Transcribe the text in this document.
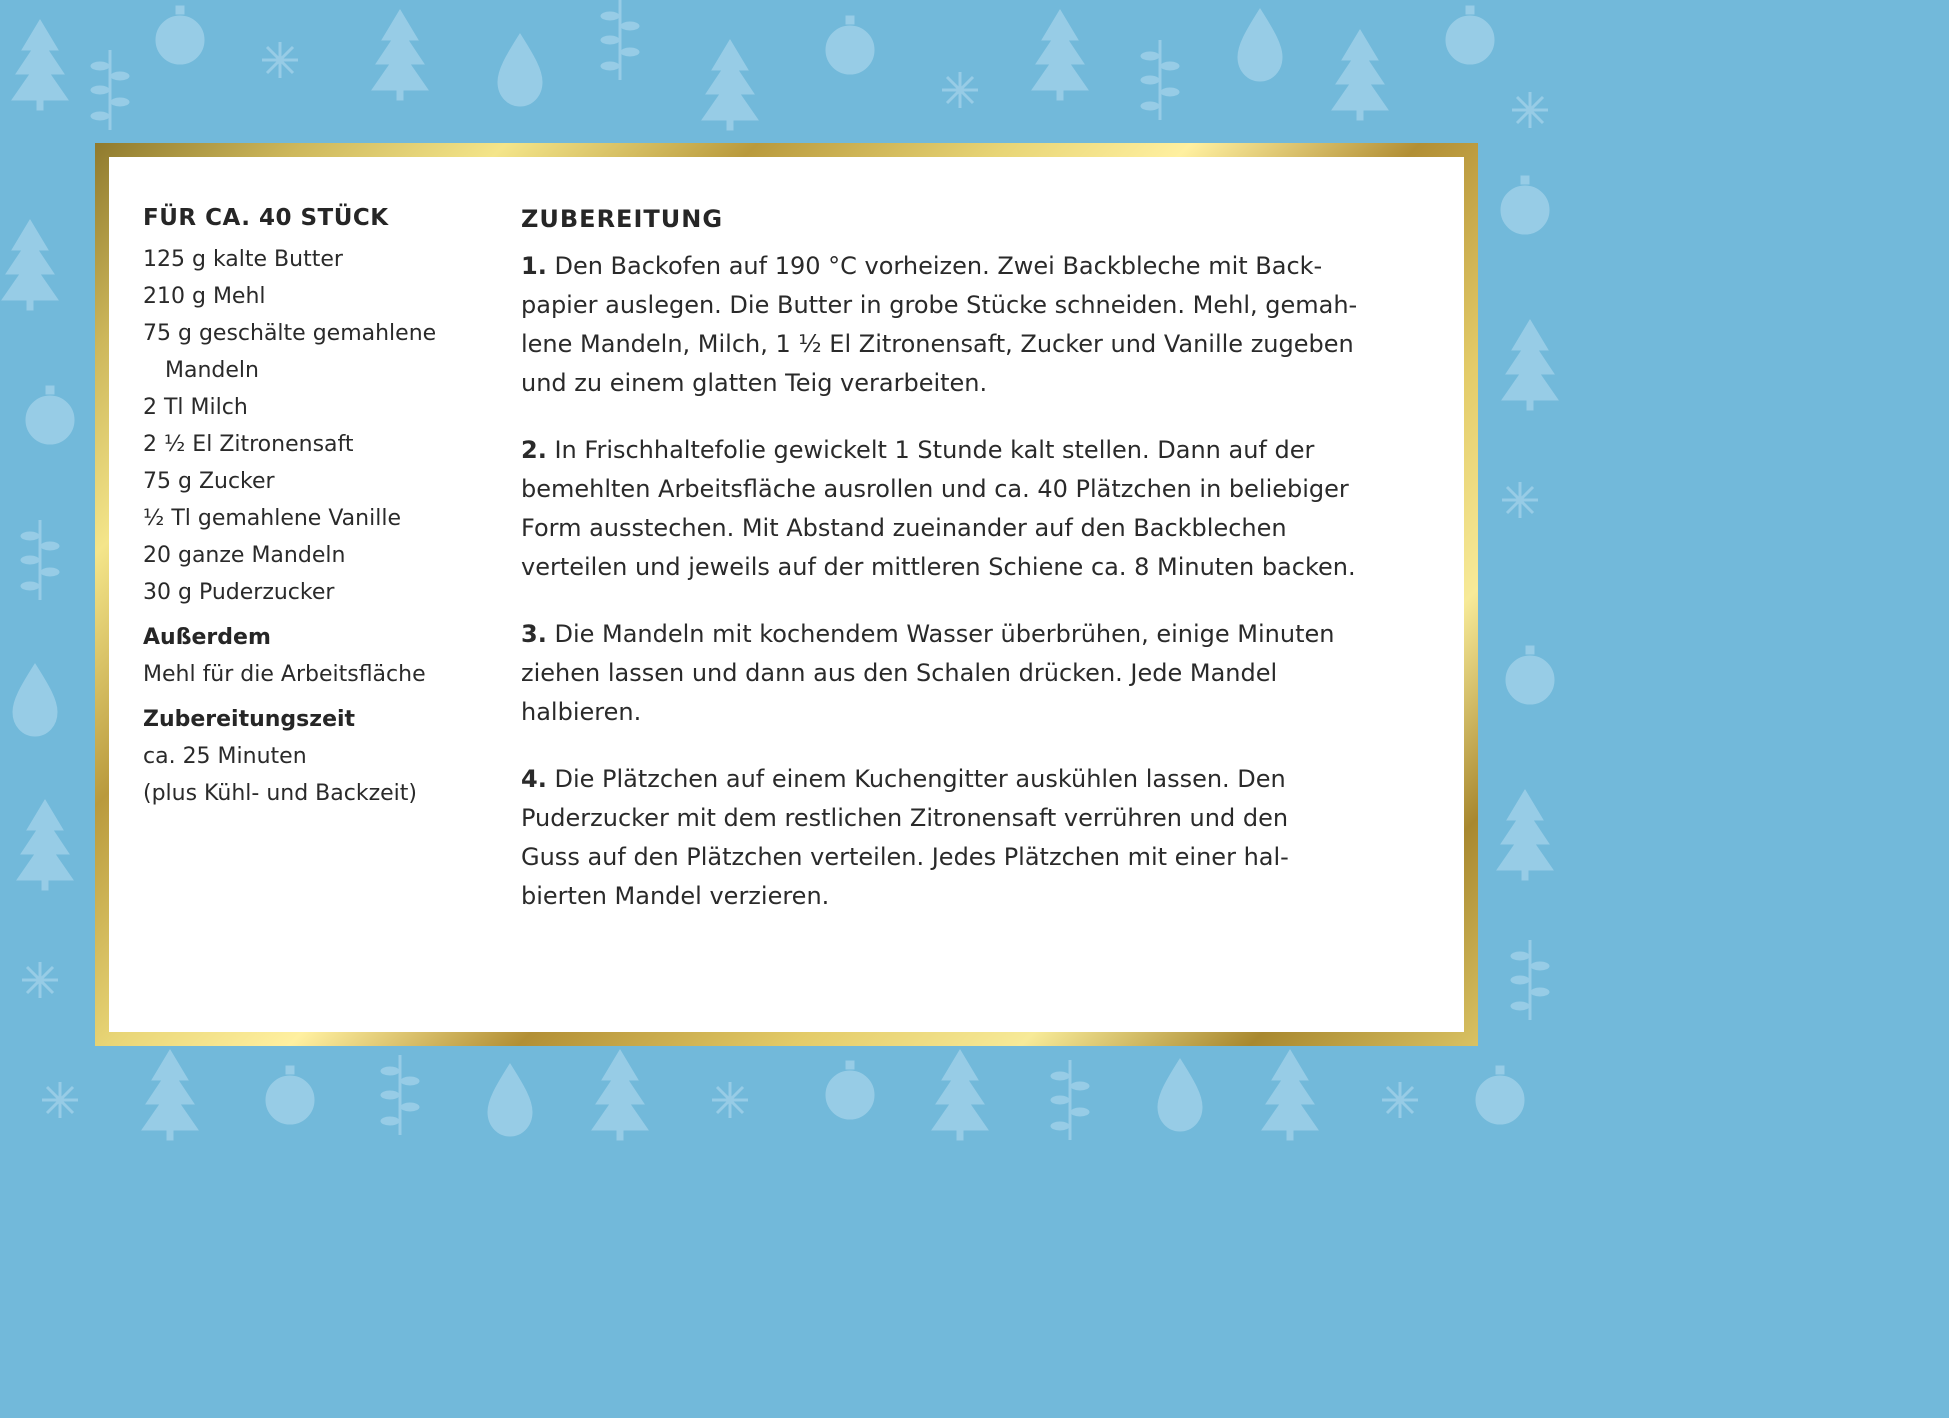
FÜR CA. 40 STÜCK
125 g kalte Butter
210 g Mehl
75 g geschälte gemahlene
Mandeln
2 Tl Milch
2 ½ El Zitronensaft
75 g Zucker
½ Tl gemahlene Vanille
20 ganze Mandeln
30 g Puderzucker
Außerdem

Mehl für die Arbeitsfläche

Zubereitungszeit

ca. 25 Minuten

(plus Kühl- und Backzeit)

ZUBEREITUNG

1. Den Backofen auf 190 °C vorheizen. Zwei Backbleche mit Back-
papier auslegen. Die Butter in grobe Stücke schneiden. Mehl, gemah-
lene Mandeln, Milch, 1 ½ El Zitronensaft, Zucker und Vanille zugeben
und zu einem glatten Teig verarbeiten.

2. In Frischhaltefolie gewickelt 1 Stunde kalt stellen. Dann auf der
bemehlten Arbeitsfläche ausrollen und ca. 40 Plätzchen in beliebiger
Form ausstechen. Mit Abstand zueinander auf den Backblechen
verteilen und jeweils auf der mittleren Schiene ca. 8 Minuten backen.

3. Die Mandeln mit kochendem Wasser überbrühen, einige Minuten
ziehen lassen und dann aus den Schalen drücken. Jede Mandel
halbieren.

4. Die Plätzchen auf einem Kuchengitter auskühlen lassen. Den
Puderzucker mit dem restlichen Zitronensaft verrühren und den
Guss auf den Plätzchen verteilen. Jedes Plätzchen mit einer hal-
bierten Mandel verzieren.
